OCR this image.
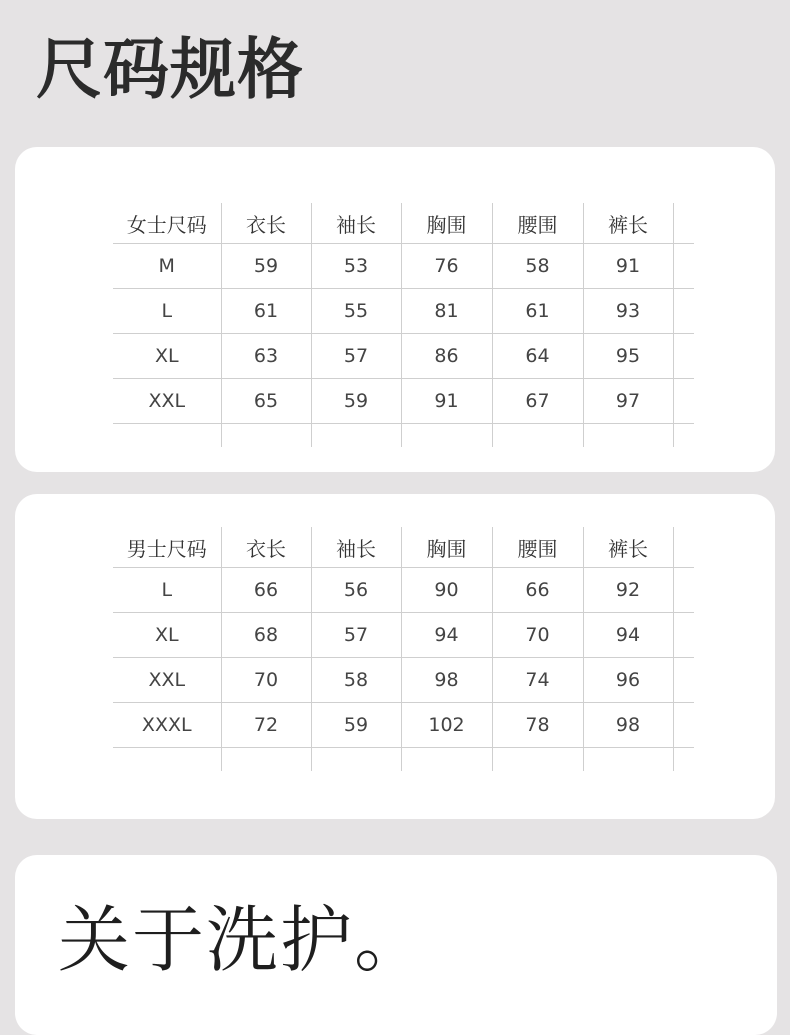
尺码规格
女士尺码	衣长	袖长	胸围	腰围	裤长	
M	59	53	76	58	91	
L	61	55	81	61	93	
XL	63	57	86	64	95	
XXL	65	59	91	67	97	

男士尺码	衣长	袖长	胸围	腰围	裤长	
L	66	56	90	66	92	
XL	68	57	94	70	94	
XXL	70	58	98	74	96	
XXXL	72	59	102	78	98	

关于洗护。
